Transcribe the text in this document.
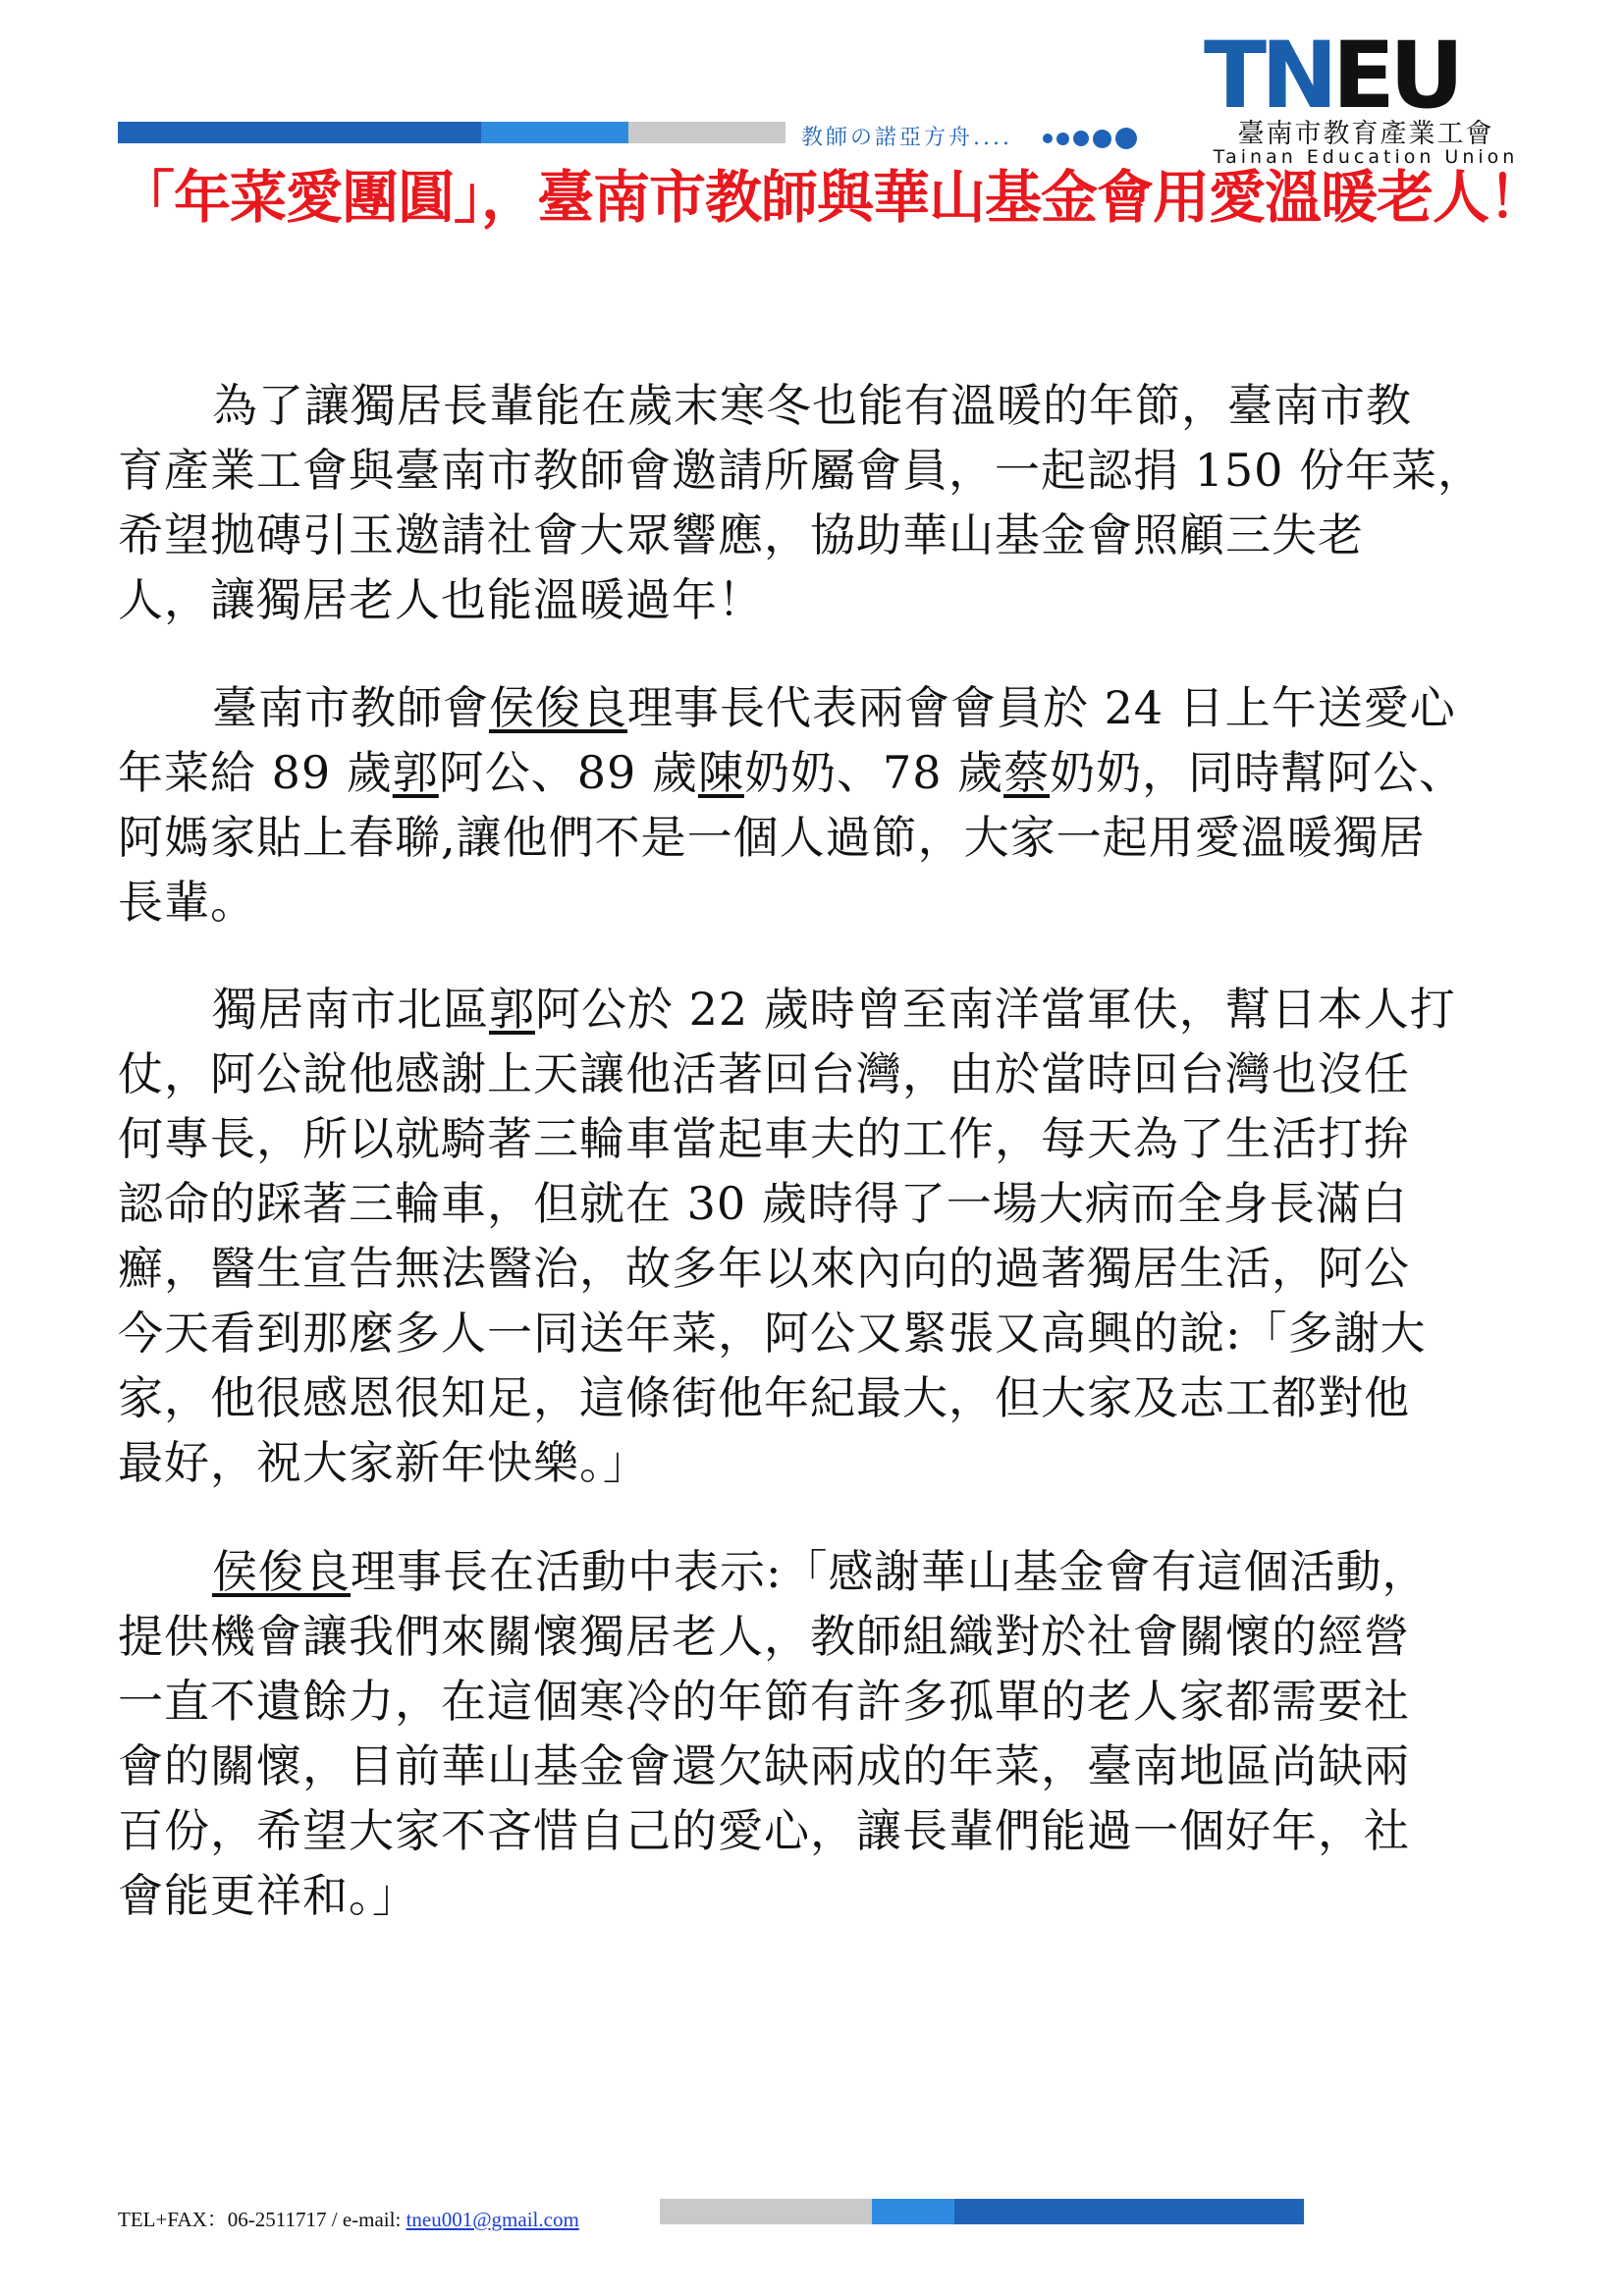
TNEU
臺南市教育產業工會
Tainan Education Union
教師の諾亞方舟....
「年菜愛團圓」，臺南市教師與華山基金會用愛溫暖老人！
為了讓獨居長輩能在歲末寒冬也能有溫暖的年節，臺南市教
育產業工會與臺南市教師會邀請所屬會員，一起認捐 150 份年菜，
希望拋磚引玉邀請社會大眾響應，協助華山基金會照顧三失老
人，讓獨居老人也能溫暖過年！
臺南市教師會侯俊良理事長代表兩會會員於 24 日上午送愛心
年菜給 89 歲郭阿公、89 歲陳奶奶、78 歲蔡奶奶，同時幫阿公、
阿媽家貼上春聯,讓他們不是一個人過節，大家一起用愛溫暖獨居
長輩。
獨居南市北區郭阿公於 22 歲時曾至南洋當軍伕，幫日本人打
仗，阿公說他感謝上天讓他活著回台灣，由於當時回台灣也沒任
何專長，所以就騎著三輪車當起車夫的工作，每天為了生活打拚
認命的踩著三輪車，但就在 30 歲時得了一場大病而全身長滿白
癬，醫生宣告無法醫治，故多年以來內向的過著獨居生活，阿公
今天看到那麼多人一同送年菜，阿公又緊張又高興的說:「多謝大
家，他很感恩很知足，這條街他年紀最大，但大家及志工都對他
最好，祝大家新年快樂。」
侯俊良理事長在活動中表示:「感謝華山基金會有這個活動，
提供機會讓我們來關懷獨居老人，教師組織對於社會關懷的經營
一直不遺餘力，在這個寒冷的年節有許多孤單的老人家都需要社
會的關懷，目前華山基金會還欠缺兩成的年菜，臺南地區尚缺兩
百份，希望大家不吝惜自己的愛心，讓長輩們能過一個好年，社
會能更祥和。」
TEL+FAX：06-2511717 / e-mail: tneu001@gmail.com
